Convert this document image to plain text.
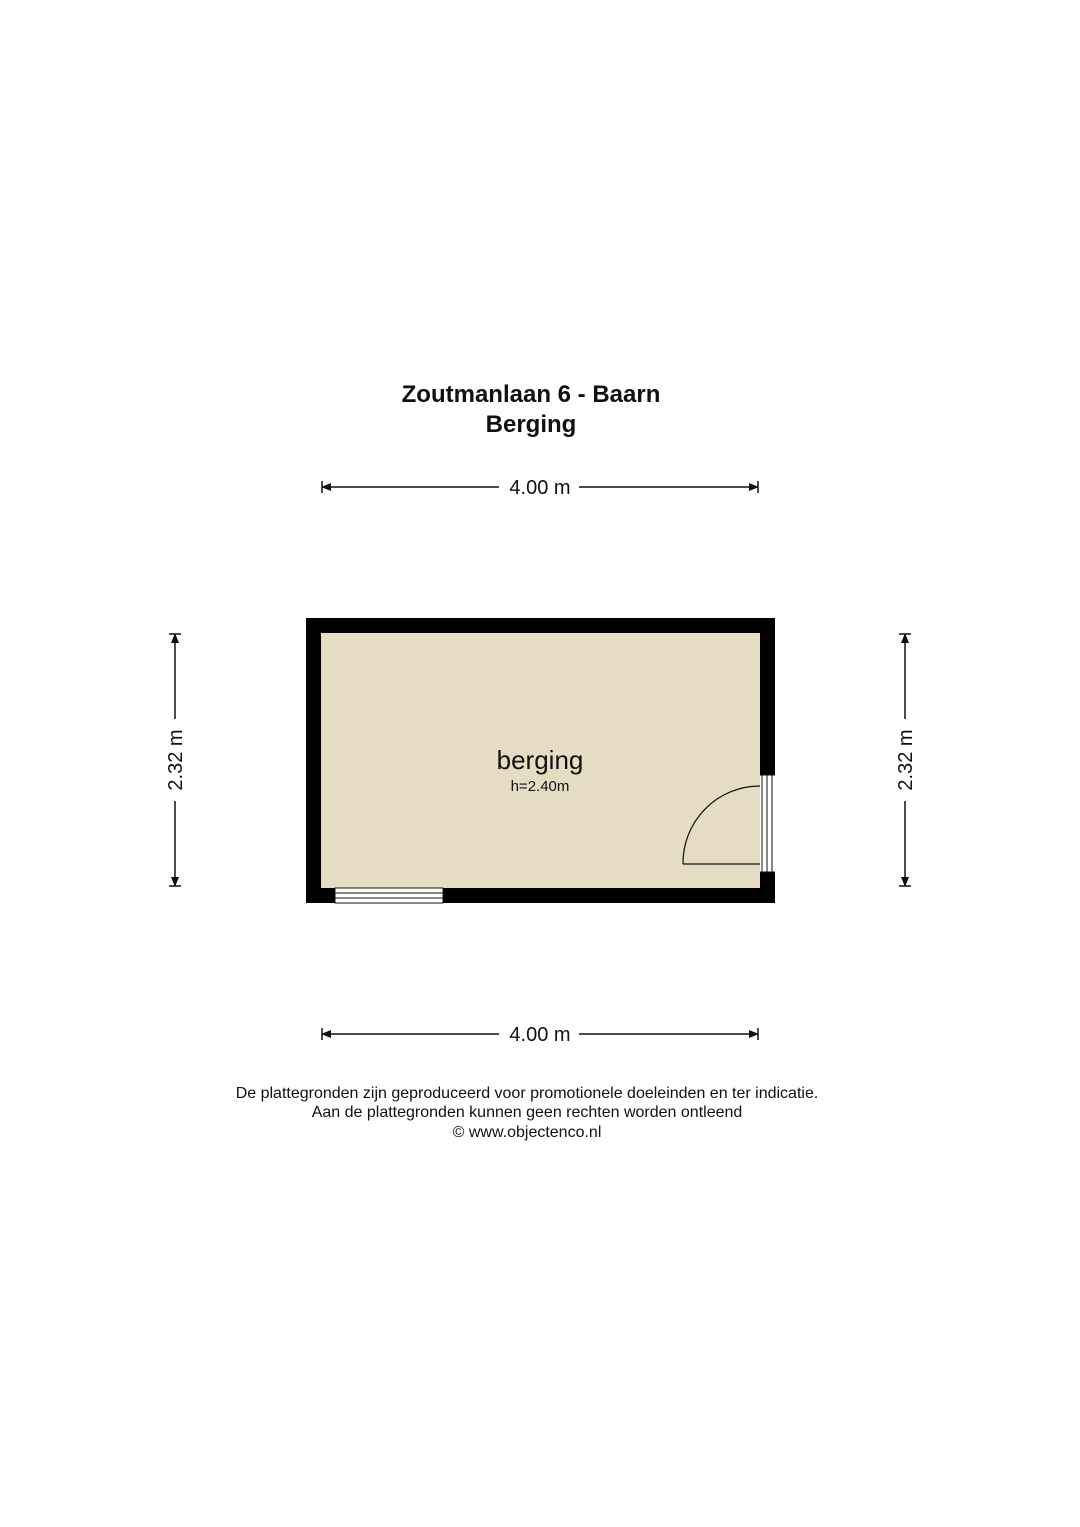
Zoutmanlaan 6 - Baarn
Berging
4.00 m
4.00 m
2.32 m	2.32 m
berging
h=2.40m
De plattegronden zijn geproduceerd voor promotionele doeleinden en ter indicatie.
Aan de plattegronden kunnen geen rechten worden ontleend
© www.objectenco.nl
